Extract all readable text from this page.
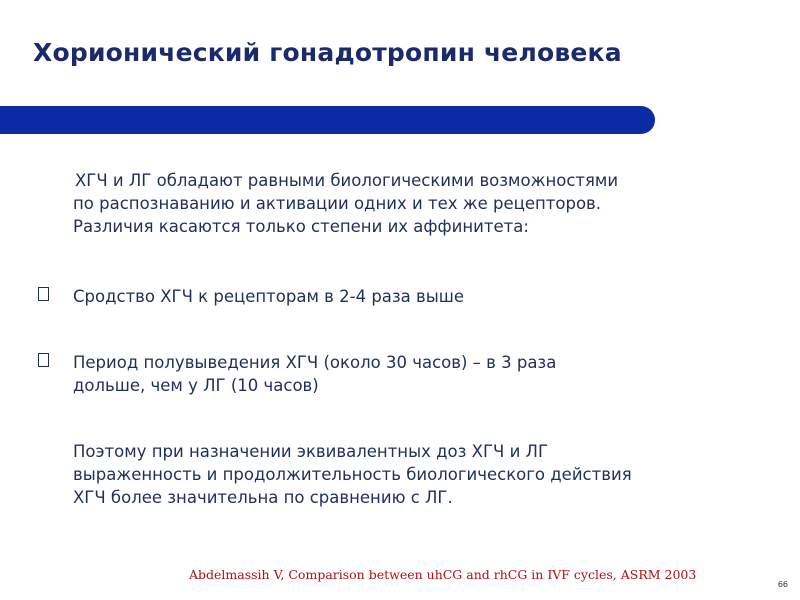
Хорионический гонадотропин человека
ХГЧ и ЛГ обладают равными биологическими возможностями
по распознаванию и активации одних и тех же рецепторов.
Различия касаются только степени их аффинитета:
Сродство ХГЧ к рецепторам в 2-4 раза выше
Период полувыведения ХГЧ (около 30 часов) – в 3 раза
дольше, чем у ЛГ (10 часов)
Поэтому при назначении эквивалентных доз ХГЧ и ЛГ
выраженность и продолжительность биологического действия
ХГЧ более значительна по сравнению с ЛГ.
Abdelmassih V, Comparison between uhCG and rhCG in IVF cycles, ASRM 2003
66
